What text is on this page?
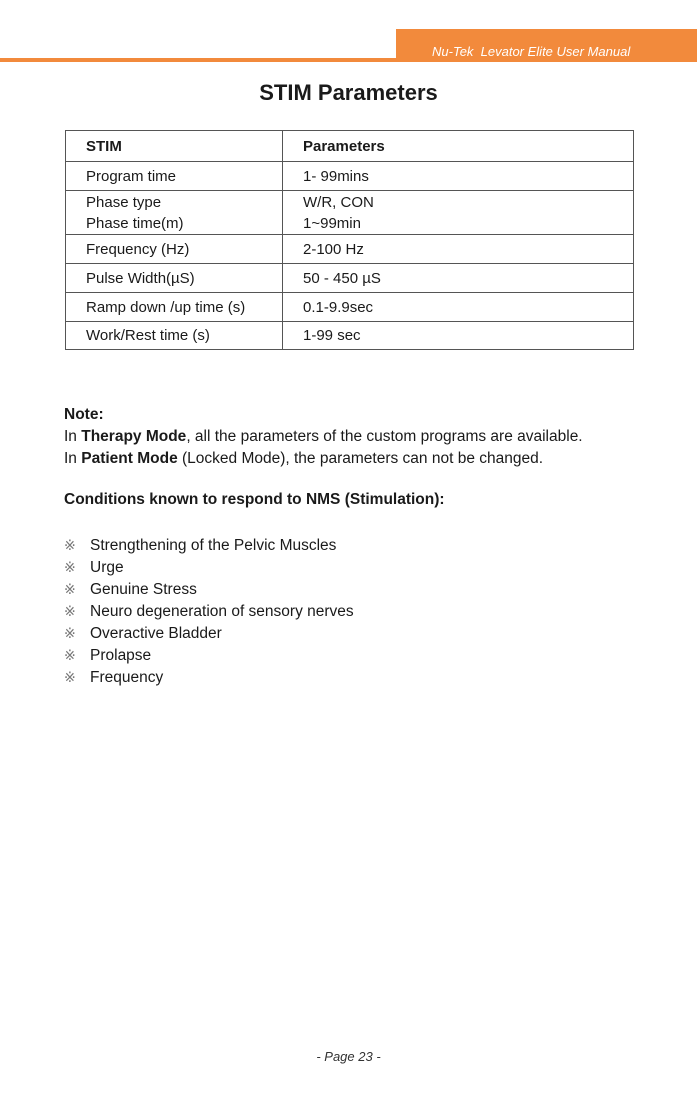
Nu-Tek  Levator Elite User Manual
STIM Parameters
STIM	Parameters
Program time	1- 99mins
Phase type	W/R, CON
Phase time(m)	1~99min
Frequency (Hz)	2-100 Hz
Pulse Width(µS)	50 - 450 µS
Ramp down /up time (s)	0.1-9.9sec
Work/Rest time (s)	1-99 sec
Note:
In Therapy Mode, all the parameters of the custom programs are available.
In Patient Mode (Locked Mode), the parameters can not be changed.
Conditions known to respond to NMS (Stimulation):
※ Strengthening of the Pelvic Muscles
※ Urge
※ Genuine Stress
※ Neuro degeneration of sensory nerves
※ Overactive Bladder
※ Prolapse
※ Frequency
- Page 23 -
